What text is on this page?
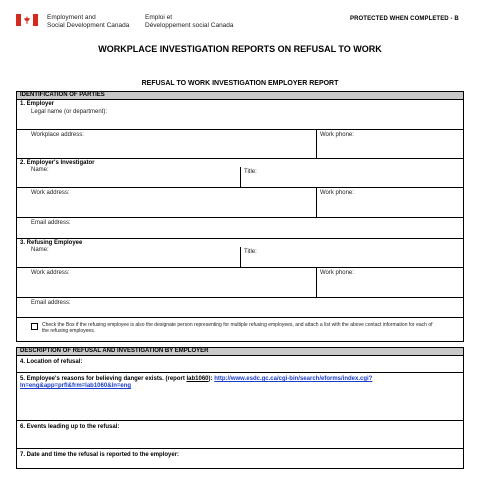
Employment and
Social Development Canada
Emploi et
Développement social Canada
PROTECTED WHEN COMPLETED - B
WORKPLACE INVESTIGATION REPORTS ON REFUSAL TO WORK
REFUSAL TO WORK INVESTIGATION EMPLOYER REPORT
IDENTIFICATION OF PARTIES
1. Employer
Legal name (or department):
Workplace address:	Work phone:
2. Employer's Investigator
Name:	Title:
Work address:	Work phone:
Email address:
3. Refusing Employee
Name:	Title:
Work address:	Work phone:
Email address:
Check the Box if the refusing employee is also the designate person representing for multiple refusing employees, and attach a list with the above contact information for each of the refusing employees.
DESCRIPTION OF REFUSAL AND INVESTIGATION BY EMPLOYER
4. Location of refusal:
5. Employee's reasons for believing danger exists. (report lab1060): http://www.esdc.gc.ca/cgi-bin/search/eforms/index.cgi?ln=eng&app=prfl&frm=lab1060&ln=eng
6. Events leading up to the refusal:
7. Date and time the refusal is reported to the employer:
